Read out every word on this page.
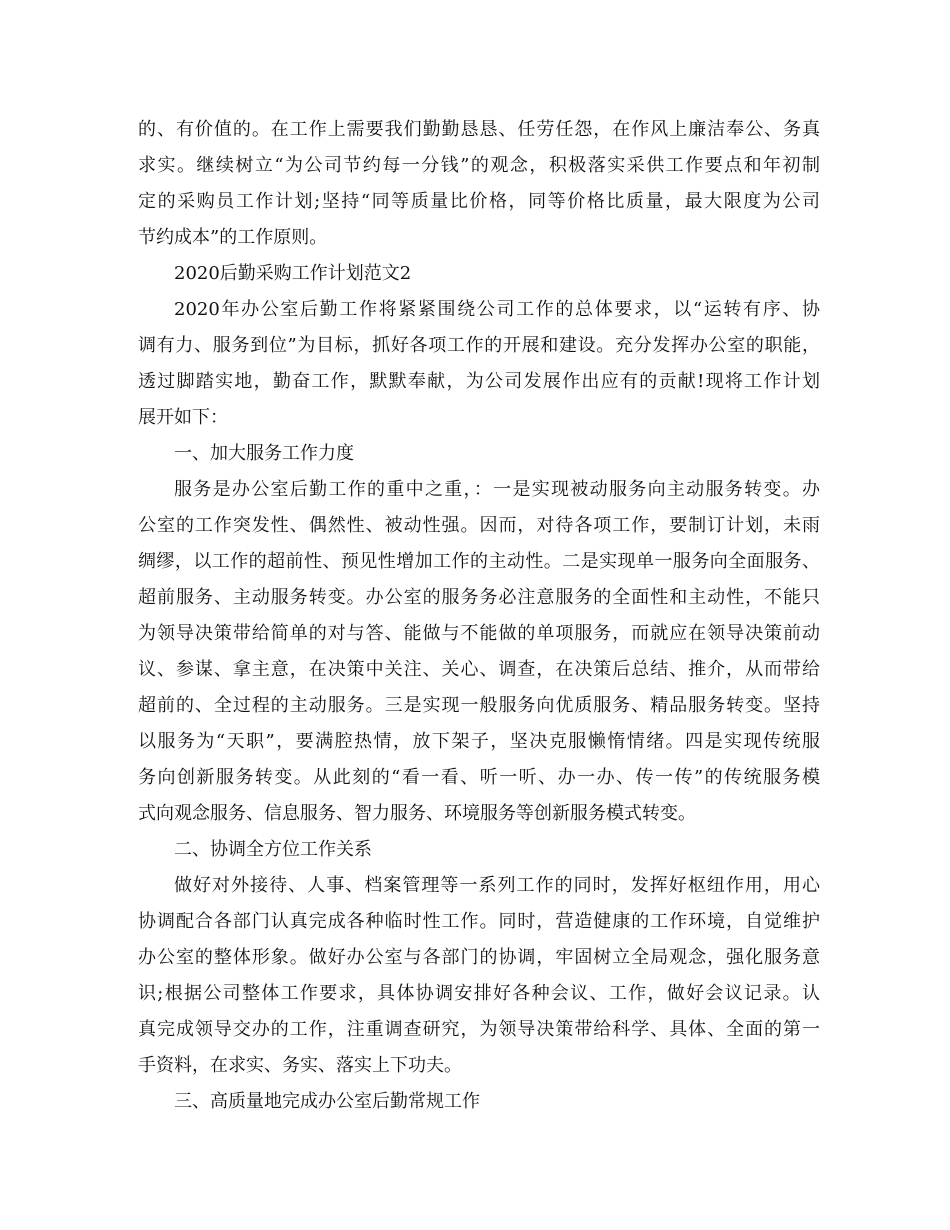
的、有价值的。在工作上需要我们勤勤恳恳、任劳任怨，在作风上廉洁奉公、务真
求实。继续树立“为公司节约每一分钱”的观念，积极落实采供工作要点和年初制
定的采购员工作计划;坚持“同等质量比价格，同等价格比质量，最大限度为公司
节约成本”的工作原则。
2020后勤采购工作计划范文2
2020年办公室后勤工作将紧紧围绕公司工作的总体要求，以“运转有序、协
调有力、服务到位”为目标，抓好各项工作的开展和建设。充分发挥办公室的职能，
透过脚踏实地，勤奋工作，默默奉献，为公司发展作出应有的贡献!现将工作计划
展开如下：
一、加大服务工作力度
服务是办公室后勤工作的重中之重，：一是实现被动服务向主动服务转变。办
公室的工作突发性、偶然性、被动性强。因而，对待各项工作，要制订计划，未雨
绸缪，以工作的超前性、预见性增加工作的主动性。二是实现单一服务向全面服务、
超前服务、主动服务转变。办公室的服务务必注意服务的全面性和主动性，不能只
为领导决策带给简单的对与答、能做与不能做的单项服务，而就应在领导决策前动
议、参谋、拿主意，在决策中关注、关心、调查，在决策后总结、推介，从而带给
超前的、全过程的主动服务。三是实现一般服务向优质服务、精品服务转变。坚持
以服务为“天职”，要满腔热情，放下架子，坚决克服懒惰情绪。四是实现传统服
务向创新服务转变。从此刻的“看一看、听一听、办一办、传一传”的传统服务模
式向观念服务、信息服务、智力服务、环境服务等创新服务模式转变。
二、协调全方位工作关系
做好对外接待、人事、档案管理等一系列工作的同时，发挥好枢纽作用，用心
协调配合各部门认真完成各种临时性工作。同时，营造健康的工作环境，自觉维护
办公室的整体形象。做好办公室与各部门的协调，牢固树立全局观念，强化服务意
识;根据公司整体工作要求，具体协调安排好各种会议、工作，做好会议记录。认
真完成领导交办的工作，注重调查研究，为领导决策带给科学、具体、全面的第一
手资料，在求实、务实、落实上下功夫。
三、高质量地完成办公室后勤常规工作
